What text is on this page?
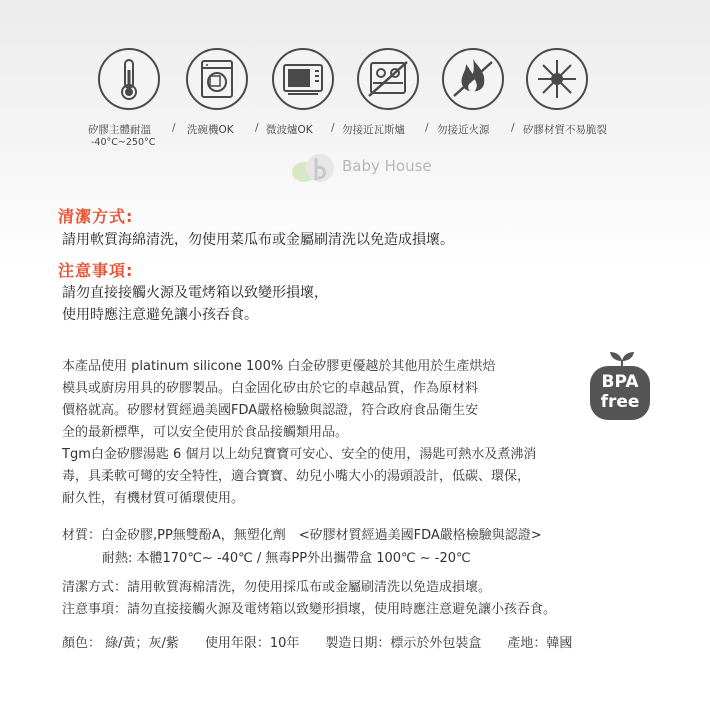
矽膠主體耐溫
-40°C~250°C
/ 洗碗機OK / 微波爐OK / 勿接近瓦斯爐 / 勿接近火源 / 矽膠材質不易脆裂
Baby House
清潔方式:
請用軟質海綿清洗，勿使用菜瓜布或金屬刷清洗以免造成損壞。
注意事項:
請勿直接接觸火源及電烤箱以致變形損壞，
使用時應注意避免讓小孩吞食。
BPA
free
本產品使用 platinum silicone 100% 白金矽膠更優越於其他用於生產烘焙
模具或廚房用具的矽膠製品。白金固化矽由於它的卓越品質，作為原材料
價格就高。矽膠材質經過美國FDA嚴格檢驗與認證，符合政府食品衛生安
全的最新標準，可以安全使用於食品接觸類用品。
Tgm白金矽膠湯匙 6 個月以上幼兒寶寶可安心、安全的使用，湯匙可熱水及煮沸消
毒，具柔軟可彎的安全特性，適合寶寶、幼兒小嘴大小的湯頭設計，低碳、環保，
耐久性，有機材質可循環使用。
材質：白金矽膠,PP無雙酚A，無塑化劑　<矽膠材質經過美國FDA嚴格檢驗與認證>
耐熱: 本體170℃~ -40℃ / 無毒PP外出攜帶盒 100℃ ~ -20℃
清潔方式：請用軟質海棉清洗，勿使用採瓜布或金屬刷清洗以免造成損壞。
注意事項：請勿直接接觸火源及電烤箱以致變形損壞，使用時應注意避免讓小孩吞食。
顏色： 綠/黃；灰/紫　　使用年限：10年　　製造日期：標示於外包裝盒　　產地：韓國
